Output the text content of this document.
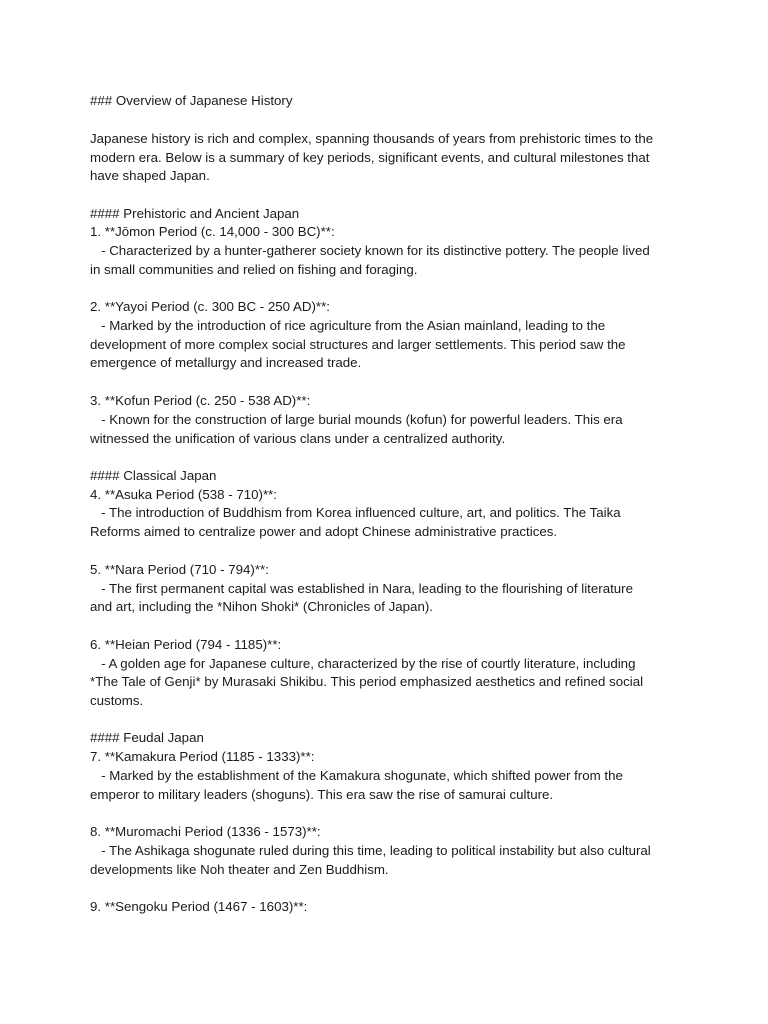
### Overview of Japanese History
Japanese history is rich and complex, spanning thousands of years from prehistoric times to the
modern era. Below is a summary of key periods, significant events, and cultural milestones that
have shaped Japan.
#### Prehistoric and Ancient Japan
1. **Jōmon Period (c. 14,000 - 300 BC)**:
- Characterized by a hunter-gatherer society known for its distinctive pottery. The people lived
in small communities and relied on fishing and foraging.
2. **Yayoi Period (c. 300 BC - 250 AD)**:
- Marked by the introduction of rice agriculture from the Asian mainland, leading to the
development of more complex social structures and larger settlements. This period saw the
emergence of metallurgy and increased trade.
3. **Kofun Period (c. 250 - 538 AD)**:
- Known for the construction of large burial mounds (kofun) for powerful leaders. This era
witnessed the unification of various clans under a centralized authority.
#### Classical Japan
4. **Asuka Period (538 - 710)**:
- The introduction of Buddhism from Korea influenced culture, art, and politics. The Taika
Reforms aimed to centralize power and adopt Chinese administrative practices.
5. **Nara Period (710 - 794)**:
- The first permanent capital was established in Nara, leading to the flourishing of literature
and art, including the *Nihon Shoki* (Chronicles of Japan).
6. **Heian Period (794 - 1185)**:
- A golden age for Japanese culture, characterized by the rise of courtly literature, including
*The Tale of Genji* by Murasaki Shikibu. This period emphasized aesthetics and refined social
customs.
#### Feudal Japan
7. **Kamakura Period (1185 - 1333)**:
- Marked by the establishment of the Kamakura shogunate, which shifted power from the
emperor to military leaders (shoguns). This era saw the rise of samurai culture.
8. **Muromachi Period (1336 - 1573)**:
- The Ashikaga shogunate ruled during this time, leading to political instability but also cultural
developments like Noh theater and Zen Buddhism.
9. **Sengoku Period (1467 - 1603)**:
